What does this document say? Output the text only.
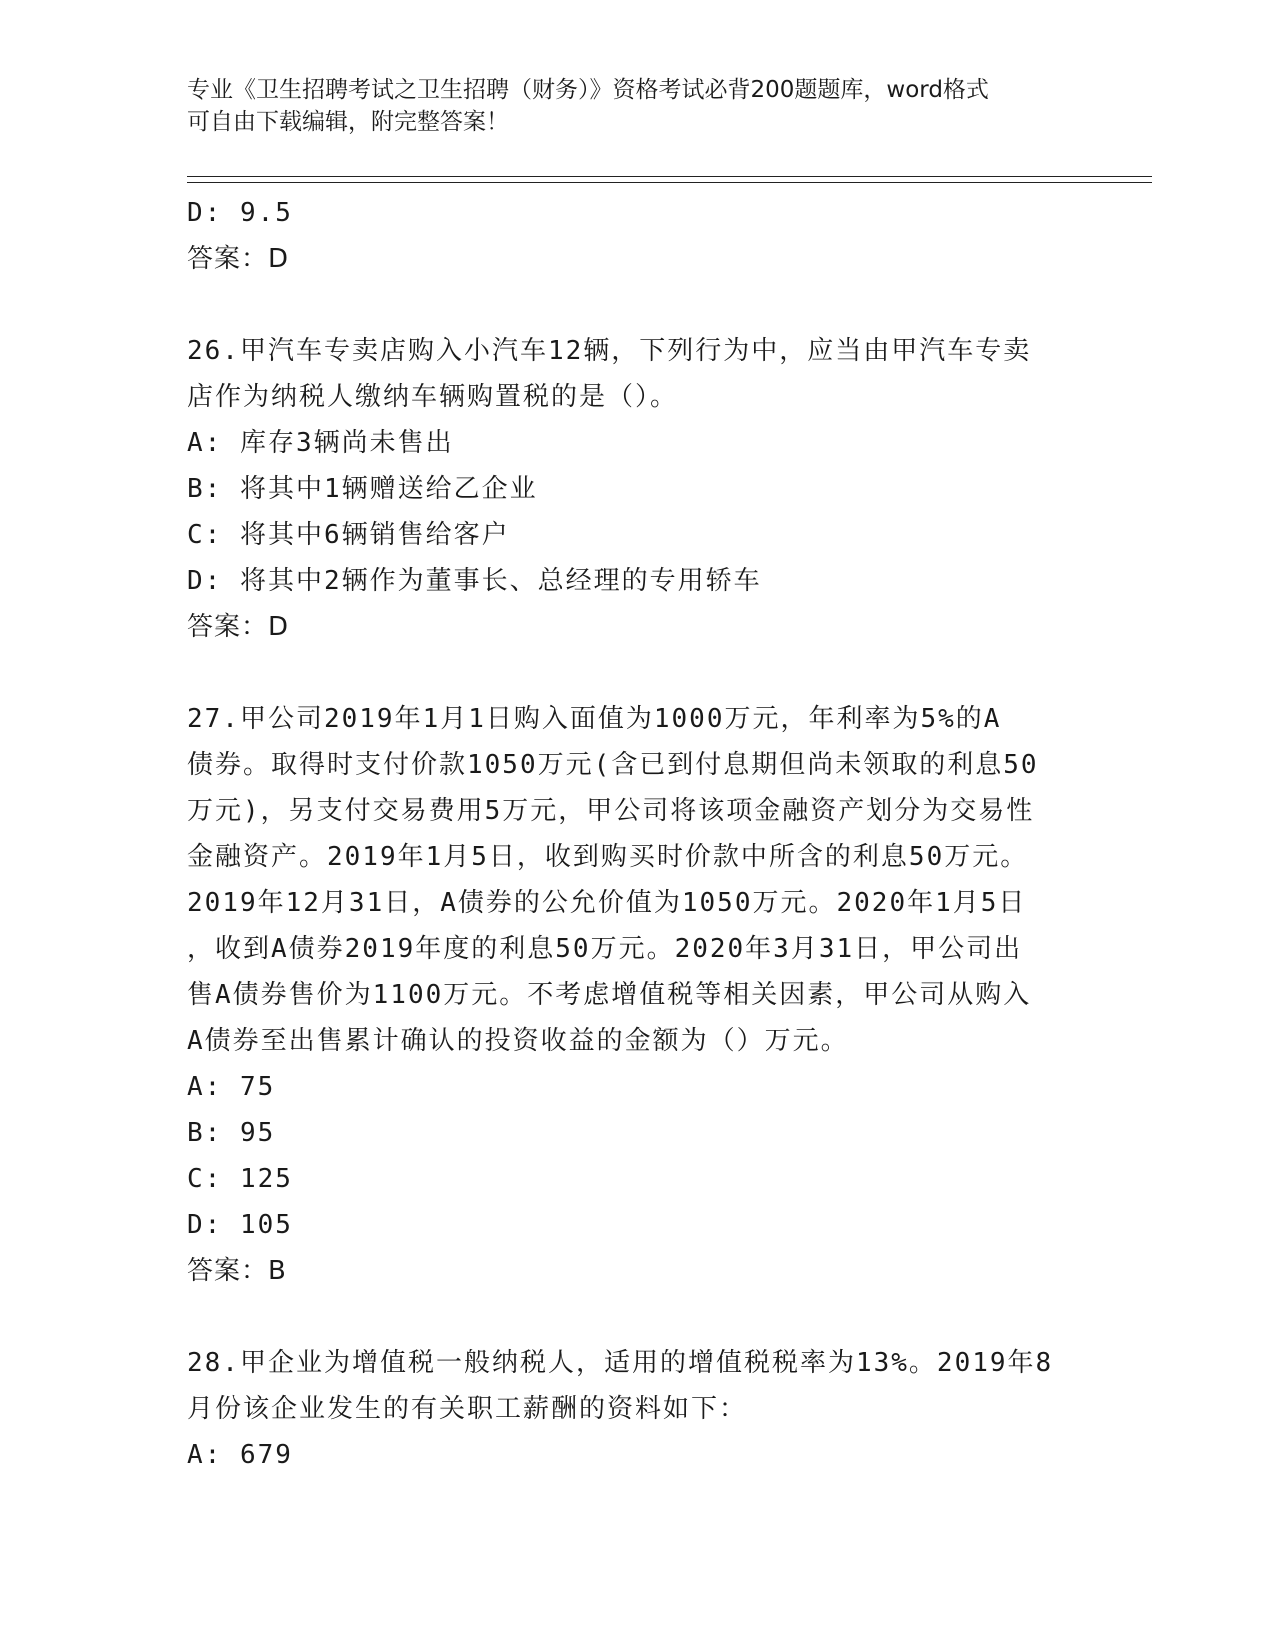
专业《卫生招聘考试之卫生招聘（财务）》资格考试必背200题题库，word格式
可自由下载编辑，附完整答案！
D: 9.5
答案：D
26.甲汽车专卖店购入小汽车12辆，下列行为中，应当由甲汽车专卖
店作为纳税人缴纳车辆购置税的是（）。
A: 库存3辆尚未售出
B: 将其中1辆赠送给乙企业
C: 将其中6辆销售给客户
D: 将其中2辆作为董事长、总经理的专用轿车
答案：D
27.甲公司2019年1月1日购入面值为1000万元，年利率为5%的A
债券。取得时支付价款1050万元(含已到付息期但尚未领取的利息50
万元)，另支付交易费用5万元，甲公司将该项金融资产划分为交易性
金融资产。2019年1月5日，收到购买时价款中所含的利息50万元。
2019年12月31日，A债券的公允价值为1050万元。2020年1月5日
，收到A债券2019年度的利息50万元。2020年3月31日，甲公司出
售A债券售价为1100万元。不考虑增值税等相关因素，甲公司从购入
A债券至出售累计确认的投资收益的金额为（）万元。
A: 75
B: 95
C: 125
D: 105
答案：B
28.甲企业为增值税一般纳税人，适用的增值税税率为13%。2019年8
月份该企业发生的有关职工薪酬的资料如下：
A: 679
